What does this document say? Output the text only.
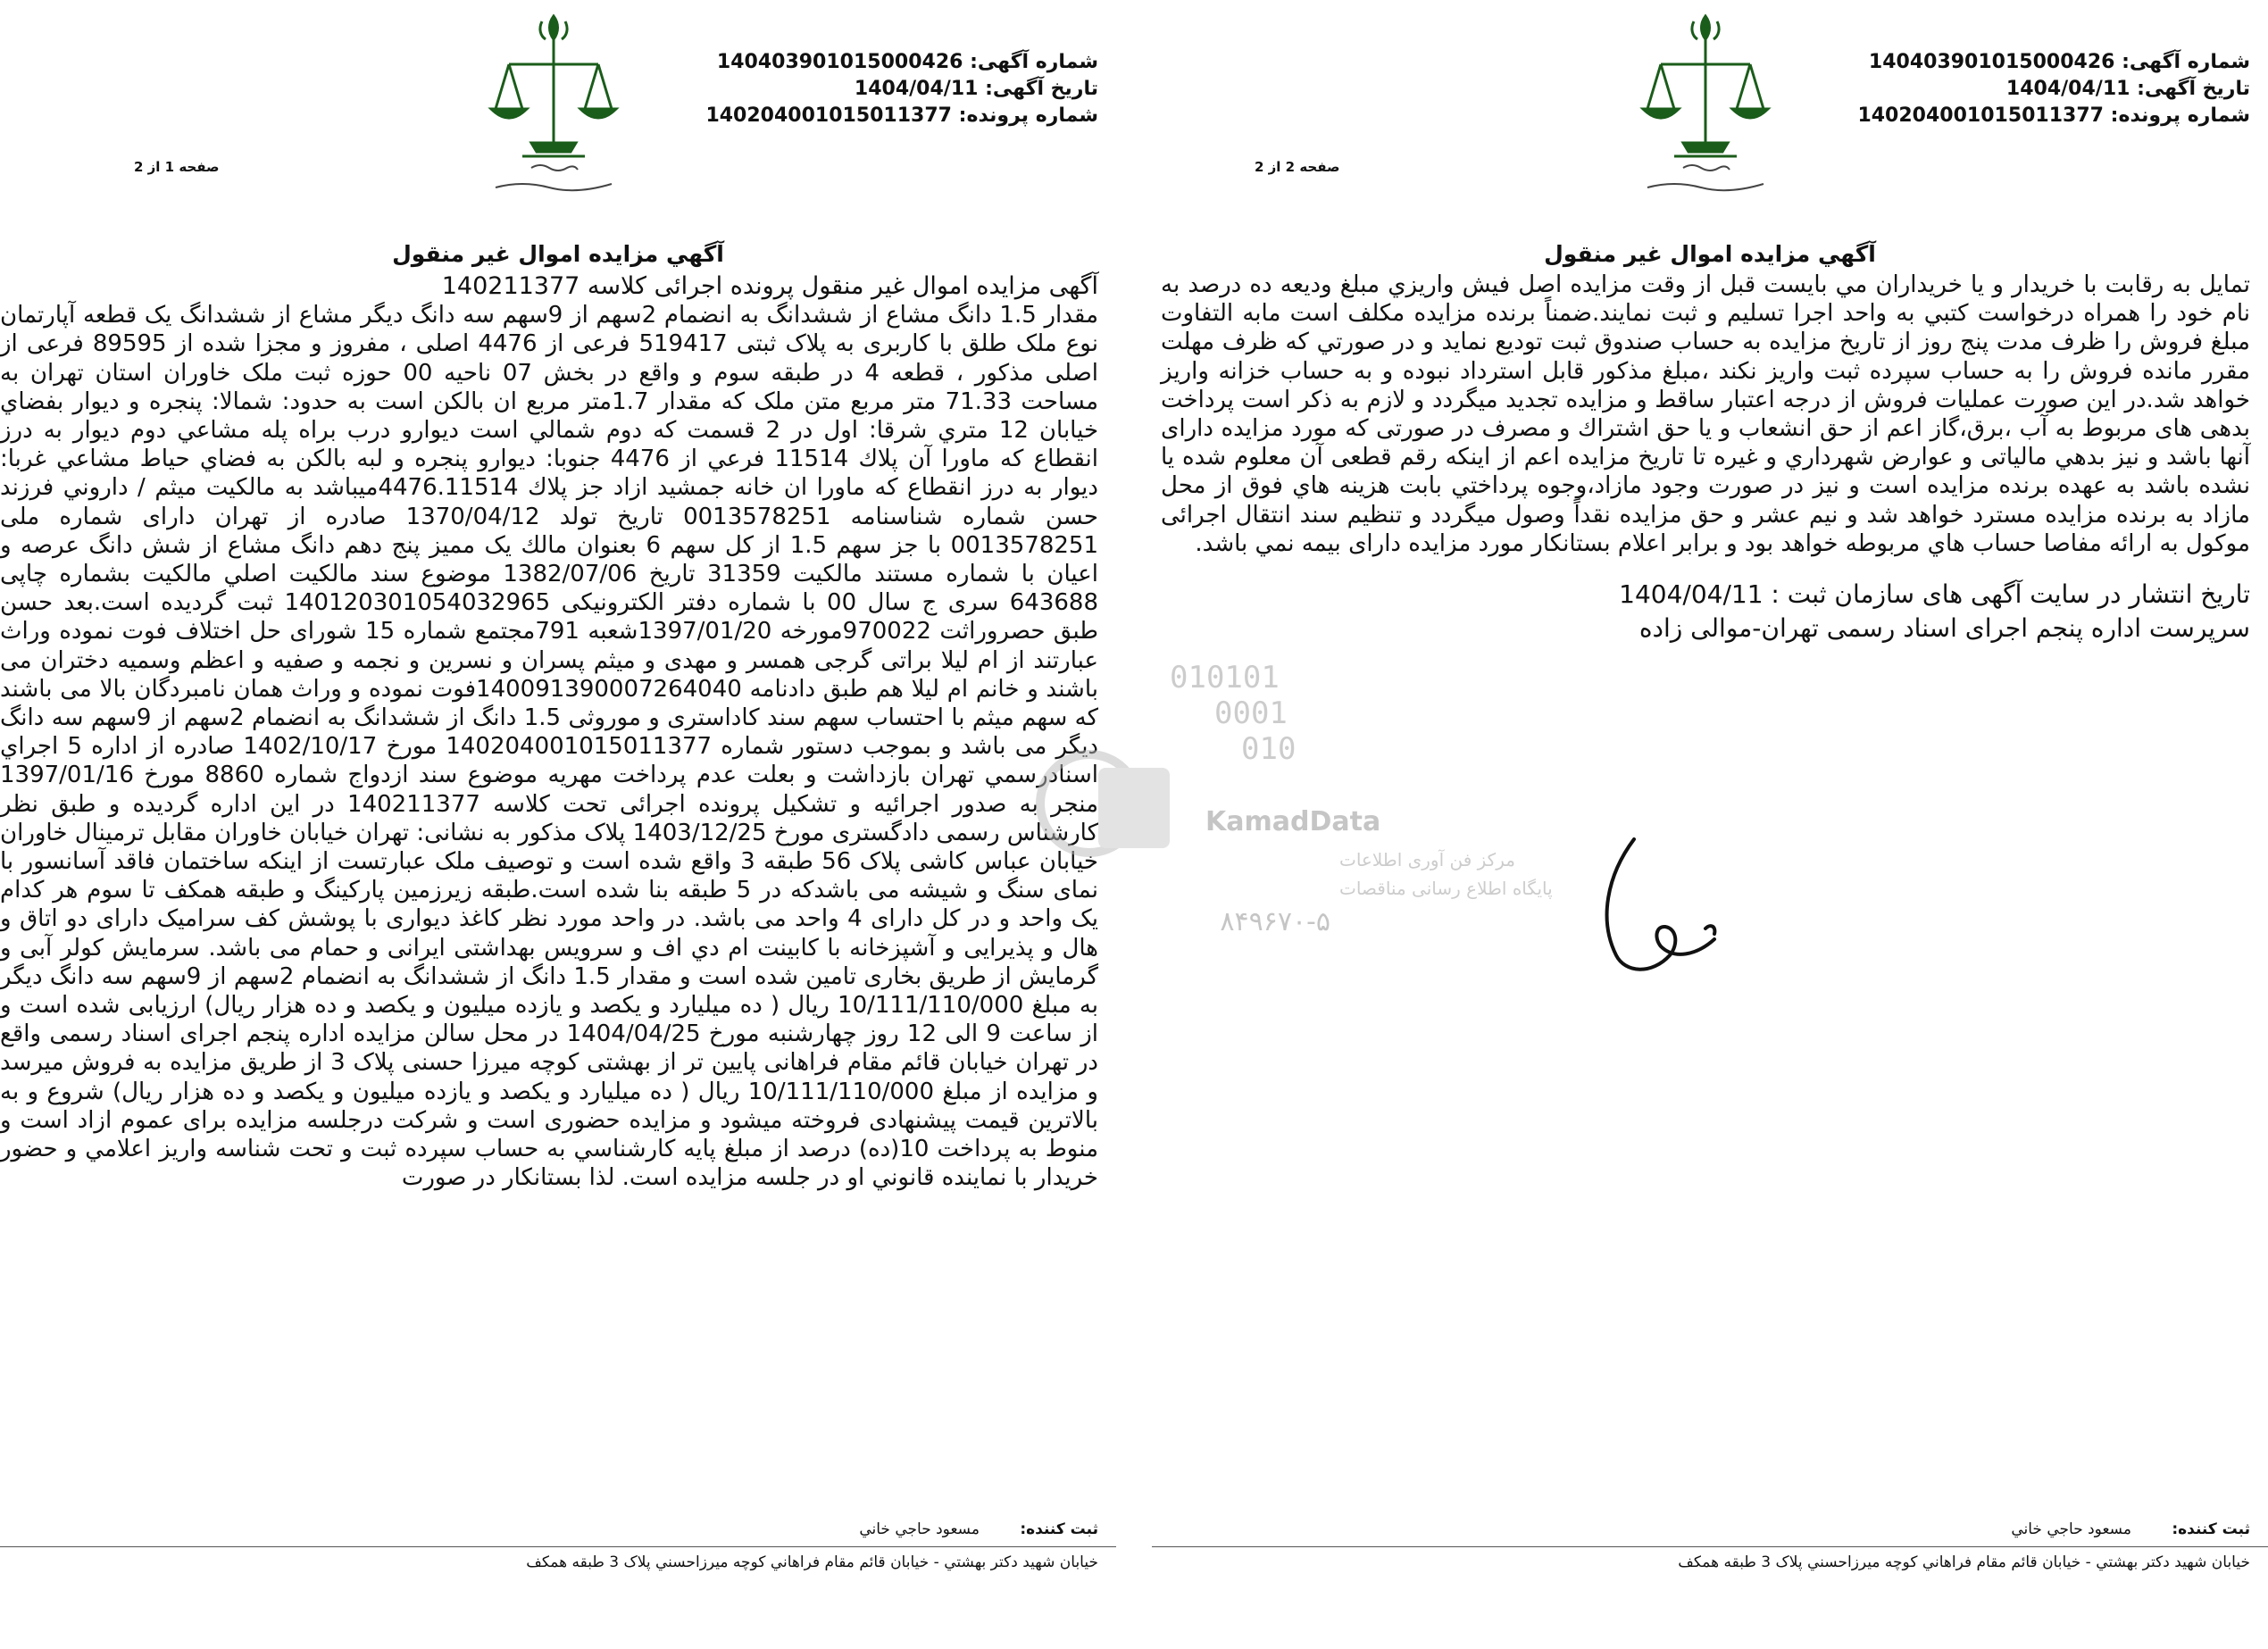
شماره آگهی: 140403901015000426
تاریخ آگهی: 1404/04/11
شماره پرونده: 140204001015011377
صفحه 1 از 2
آگهي مزايده اموال غير منقول

آگهی مزایده اموال غیر منقول پرونده اجرائی کلاسه 140211377

مقدار 1.5 دانگ مشاع از ششدانگ به انضمام 2سهم از 9سهم سه دانگ دیگر مشاع از ششدانگ یک قطعه آپارتمان نوع ملک طلق با کاربری به پلاک ثبتی 519417 فرعی از 4476 اصلی ، مفروز و مجزا شده از 89595 فرعی از اصلی مذکور ، قطعه 4 در طبقه سوم و واقع در بخش 07 ناحیه 00 حوزه ثبت ملک خاوران استان تهران به مساحت 71.33 متر مربع متن ملک که مقدار 1.7متر مربع ان بالکن است به حدود: شمالا: پنجره و دیوار بفضاي خيابان 12 متري شرقا: اول در 2 قسمت که دوم شمالي است ديوارو درب براه پله مشاعي دوم ديوار به درز انقطاع که ماورا آن پلاك 11514 فرعي از 4476 جنوبا: ديوارو پنجره و لبه بالکن به فضاي حياط مشاعي غربا: ديوار به درز انقطاع که ماورا ان خانه جمشيد ازاد جز پلاك 4476.11514میباشد به مالکیت میثم / داروني فرزند حسن شماره شناسنامه 0013578251 تاریخ تولد 1370/04/12 صادره از تهران دارای شماره ملی 0013578251 با جز سهم 1.5 از کل سهم 6 بعنوان مالك یک ممیز پنج دهم دانگ مشاع از شش دانگ عرصه و اعیان با شماره مستند مالکیت 31359 تاریخ 1382/07/06 موضوع سند مالکیت اصلي مالکیت بشماره چاپی 643688 سری ج سال 00 با شماره دفتر الکترونیکی 140120301054032965 ثبت گردیده است.بعد حسن طبق حصروراثت 970022مورخه 1397/01/20شعبه 791مجتمع شماره 15 شورای حل اختلاف فوت نموده وراث عبارتند از ام لیلا براتی گرجی همسر و مهدی و میثم پسران و نسرین و نجمه و صفیه و اعظم وسمیه دختران می باشند و خانم ام لیلا هم طبق دادنامه 140091390007264040فوت نموده و وراث همان نامبردگان بالا می باشند که سهم میثم با احتساب سهم سند کاداستری و موروثی 1.5 دانگ از ششدانگ به انضمام 2سهم از 9سهم سه دانگ دیگر می باشد و بموجب دستور شماره 140204001015011377 مورخ 1402/10/17 صادره از اداره 5 اجراي اسنادرسمي تهران بازداشت و بعلت عدم پرداخت مهریه موضوع سند ازدواج شماره 8860 مورخ 1397/01/16 منجر به صدور اجرائیه و تشکیل پرونده اجرائی تحت کلاسه 140211377 در این اداره گردیده و طبق نظر کارشناس رسمی دادگستری مورخ 1403/12/25 پلاک مذکور به نشانی: تهران خیابان خاوران مقابل ترمینال خاوران خیابان عباس کاشی پلاک 56 طبقه 3 واقع شده است و توصیف ملک عبارتست از اینکه ساختمان فاقد آسانسور با نمای سنگ و شیشه می باشدکه در 5 طبقه بنا شده است.طبقه زیرزمین پارکینگ و طبقه همکف تا سوم هر کدام یک واحد و در کل دارای 4 واحد می باشد. در واحد مورد نظر کاغذ دیواری با پوشش کف سرامیک دارای دو اتاق و هال و پذیرایی و آشپزخانه با کابینت ام دي اف و سرویس بهداشتی ایرانی و حمام می باشد. سرمایش کولر آبی و گرمایش از طریق بخاری تامین شده است و مقدار 1.5 دانگ از ششدانگ به انضمام 2سهم از 9سهم سه دانگ دیگر به مبلغ 10/111/110/000 ریال ( ده میلیارد و یکصد و یازده میلیون و یکصد و ده هزار ریال) ارزیابی شده است و از ساعت 9 الی 12 روز چهارشنبه مورخ 1404/04/25 در محل سالن مزایده اداره پنجم اجرای اسناد رسمی واقع در تهران خیابان قائم مقام فراهانی پایین تر از بهشتی کوچه میرزا حسنی پلاک 3 از طریق مزایده به فروش میرسد و مزایده از مبلغ 10/111/110/000 ریال ( ده میلیارد و یکصد و یازده میلیون و یکصد و ده هزار ریال) شروع و به بالاترین قیمت پیشنهادی فروخته میشود و مزایده حضوری است و شرکت درجلسه مزایده برای عموم ازاد است و منوط به پرداخت 10(ده) درصد از مبلغ پایه کارشناسي به حساب سپرده ثبت و تحت شناسه واریز اعلامي و حضور خریدار با نماینده قانوني او در جلسه مزایده است. لذا بستانکار در صورت

ثبت کننده: مسعود حاجي خاني
خيابان شهيد دکتر بهشتي - خيابان قائم مقام فراهاني کوچه ميرزاحسني پلاک 3 طبقه همکف
شماره آگهی: 140403901015000426
تاریخ آگهی: 1404/04/11
شماره پرونده: 140204001015011377
صفحه 2 از 2
آگهي مزايده اموال غير منقول

تمایل به رقابت با خریدار و یا خریداران مي بایست قبل از وقت مزایده اصل فیش واریزي مبلغ ودیعه ده درصد به نام خود را همراه درخواست کتبي به واحد اجرا تسلیم و ثبت نمایند.ضمناً برنده مزایده مکلف است مابه التفاوت مبلغ فروش را ظرف مدت پنج روز از تاریخ مزایده به حساب صندوق ثبت تودیع نماید و در صورتي که ظرف مهلت مقرر مانده فروش را به حساب سپرده ثبت واریز نکند ،مبلغ مذکور قابل استرداد نبوده و به حساب خزانه واریز خواهد شد.در این صورت عملیات فروش از درجه اعتبار ساقط و مزایده تجدید میگردد و لازم به ذکر است پرداخت بدهی های مربوط به آب ،برق،گاز اعم از حق انشعاب و یا حق اشتراك و مصرف در صورتی که مورد مزایده دارای آنها باشد و نیز بدهي مالیاتی و عوارض شهرداري و غیره تا تاریخ مزایده اعم از اینکه رقم قطعی آن معلوم شده یا نشده باشد به عهده برنده مزایده است و نیز در صورت وجود مازاد،وجوه پرداختي بابت هزینه هاي فوق از محل مازاد به برنده مزایده مسترد خواهد شد و نیم عشر و حق مزایده نقداً وصول میگردد و تنظیم سند انتقال اجرائی موکول به ارائه مفاصا حساب هاي مربوطه خواهد بود و برابر اعلام بستانکار مورد مزایده دارای بیمه نمي باشد.

تاریخ انتشار در سایت آگهی های سازمان ثبت : 1404/04/11

سرپرست اداره پنجم اجرای اسناد رسمی تهران-موالی زاده

ثبت کننده: مسعود حاجي خاني
خيابان شهيد دکتر بهشتي - خيابان قائم مقام فراهاني کوچه ميرزاحسني پلاک 3 طبقه همکف
010101
0001
010
KamadData
مرکز فن آوری اطلاعات
پایگاه اطلاع رسانی مناقصات
۸۴۹۶۷۰-۵
